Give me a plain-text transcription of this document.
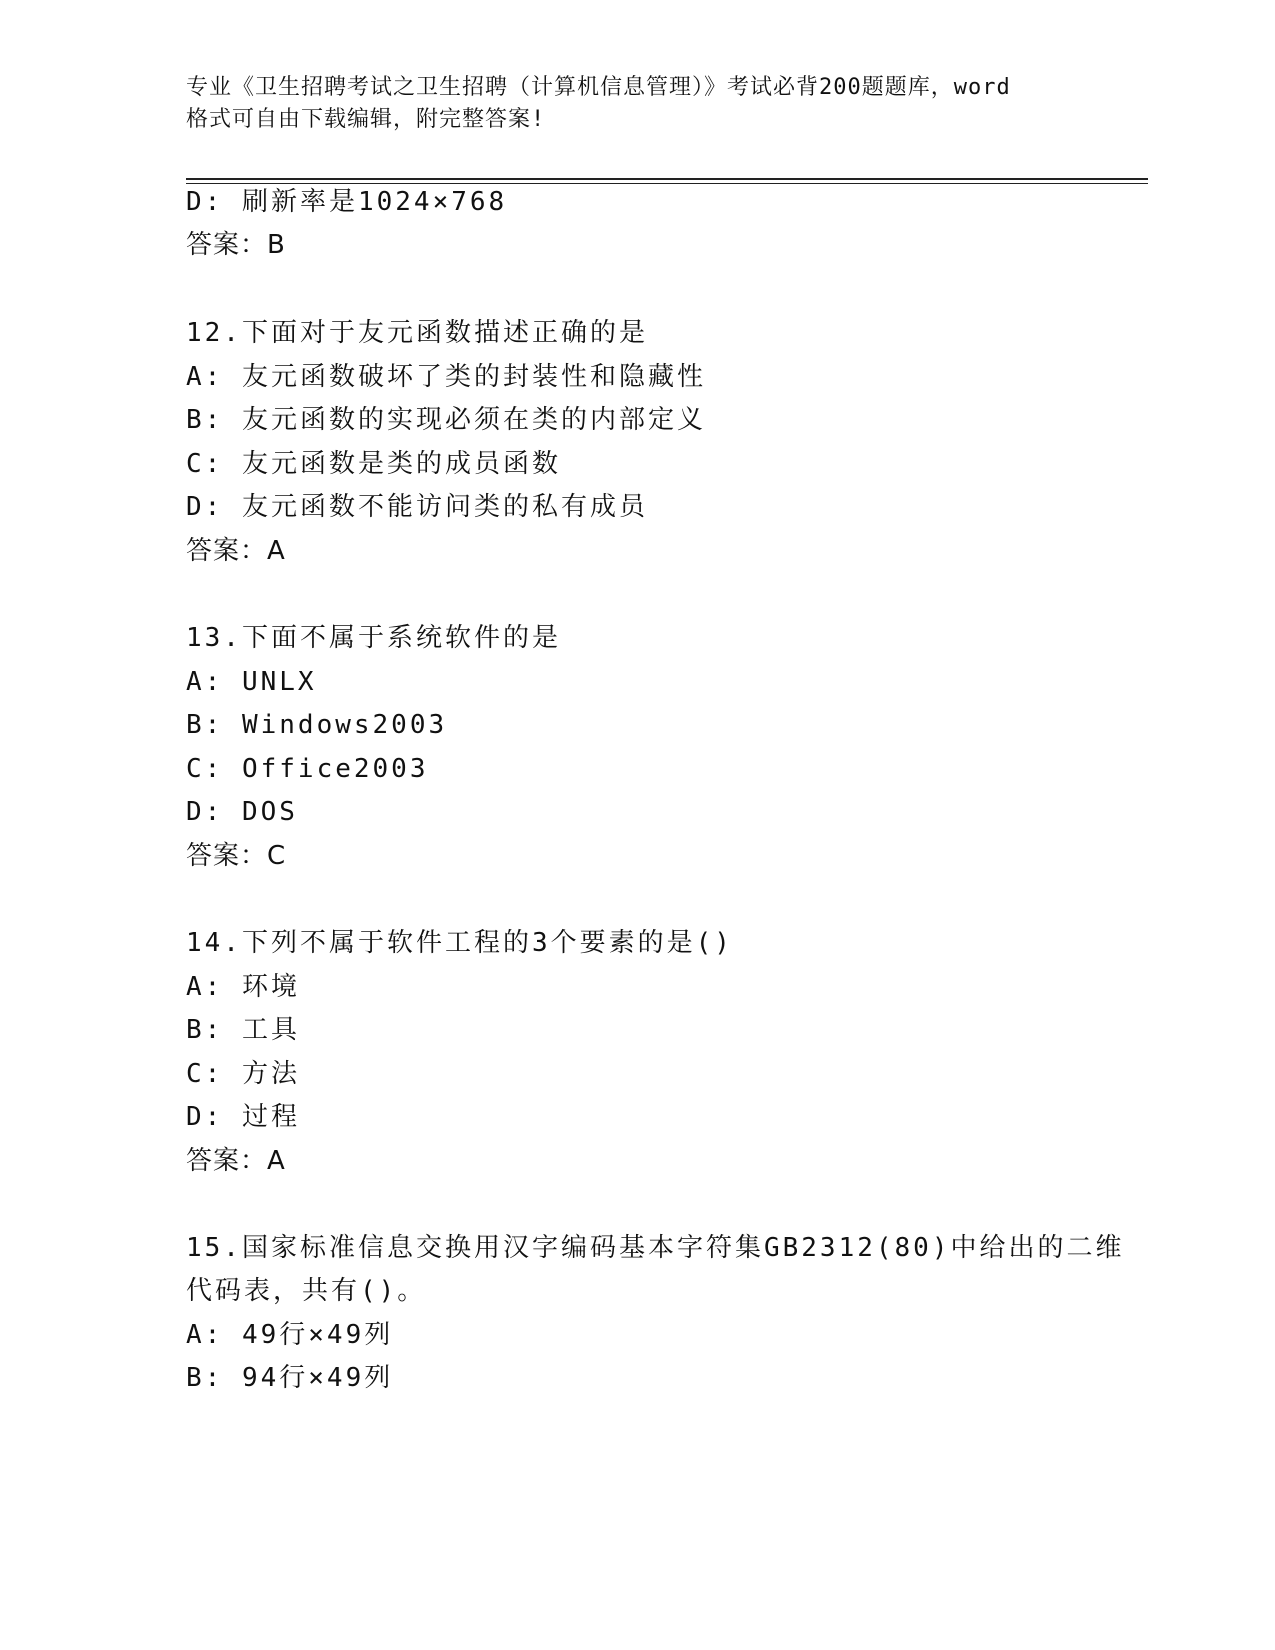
专业《卫生招聘考试之卫生招聘（计算机信息管理）》考试必背200题题库，word
格式可自由下载编辑，附完整答案!
D: 刷新率是1024×768
答案：B
12.下面对于友元函数描述正确的是
A: 友元函数破坏了类的封装性和隐藏性
B: 友元函数的实现必须在类的内部定义
C: 友元函数是类的成员函数
D: 友元函数不能访问类的私有成员
答案：A
13.下面不属于系统软件的是
A: UNLX
B: Windows2003
C: Office2003
D: DOS
答案：C
14.下列不属于软件工程的3个要素的是()
A: 环境
B: 工具
C: 方法
D: 过程
答案：A
15.国家标准信息交换用汉字编码基本字符集GB2312(80)中给出的二维
代码表，共有()。
A: 49行×49列
B: 94行×49列
